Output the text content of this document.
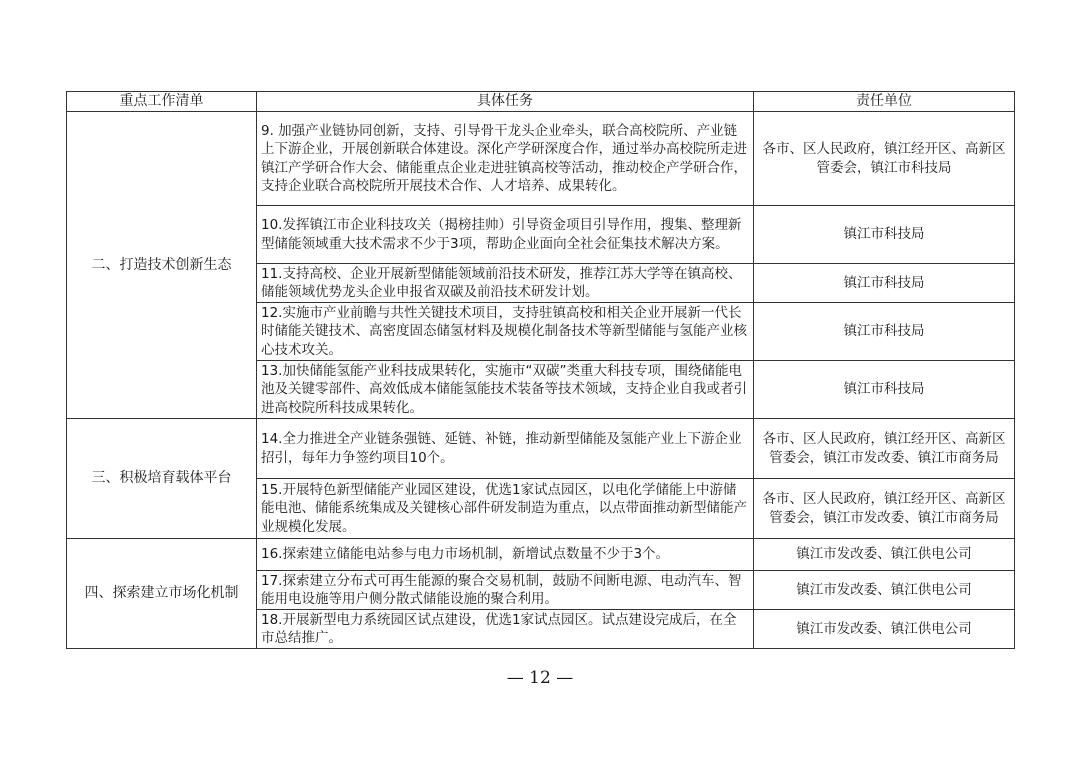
重点工作清单	具体任务	责任单位
二、打造技术创新生态	9. 加强产业链协同创新，支持、引导骨干龙头企业牵头，联合高校院所、产业链上下游企业，开展创新联合体建设。深化产学研深度合作，通过举办高校院所走进镇江产学研合作大会、储能重点企业走进驻镇高校等活动，推动校企产学研合作，支持企业联合高校院所开展技术合作、人才培养、成果转化。	各市、区人民政府，镇江经开区、高新区管委会，镇江市科技局
	10.发挥镇江市企业科技攻关（揭榜挂帅）引导资金项目引导作用，搜集、整理新型储能领域重大技术需求不少于3项，帮助企业面向全社会征集技术解决方案。	镇江市科技局
	11.支持高校、企业开展新型储能领域前沿技术研发，推荐江苏大学等在镇高校、储能领域优势龙头企业申报省双碳及前沿技术研发计划。	镇江市科技局
	12.实施市产业前瞻与共性关键技术项目，支持驻镇高校和相关企业开展新一代长时储能关键技术、高密度固态储氢材料及规模化制备技术等新型储能与氢能产业核心技术攻关。	镇江市科技局
	13.加快储能氢能产业科技成果转化，实施市“双碳”类重大科技专项，围绕储能电池及关键零部件、高效低成本储能氢能技术装备等技术领域，支持企业自我或者引进高校院所科技成果转化。	镇江市科技局
三、积极培育载体平台	14.全力推进全产业链条强链、延链、补链，推动新型储能及氢能产业上下游企业招引，每年力争签约项目10个。	各市、区人民政府，镇江经开区、高新区管委会，镇江市发改委、镇江市商务局
	15.开展特色新型储能产业园区建设，优选1家试点园区，以电化学储能上中游储能电池、储能系统集成及关键核心部件研发制造为重点，以点带面推动新型储能产业规模化发展。	各市、区人民政府，镇江经开区、高新区管委会，镇江市发改委、镇江市商务局
四、探索建立市场化机制	16.探索建立储能电站参与电力市场机制，新增试点数量不少于3个。	镇江市发改委、镇江供电公司
	17.探索建立分布式可再生能源的聚合交易机制，鼓励不间断电源、电动汽车、智能用电设施等用户侧分散式储能设施的聚合利用。	镇江市发改委、镇江供电公司
	18.开展新型电力系统园区试点建设，优选1家试点园区。试点建设完成后，在全市总结推广。	镇江市发改委、镇江供电公司
— 12 —
